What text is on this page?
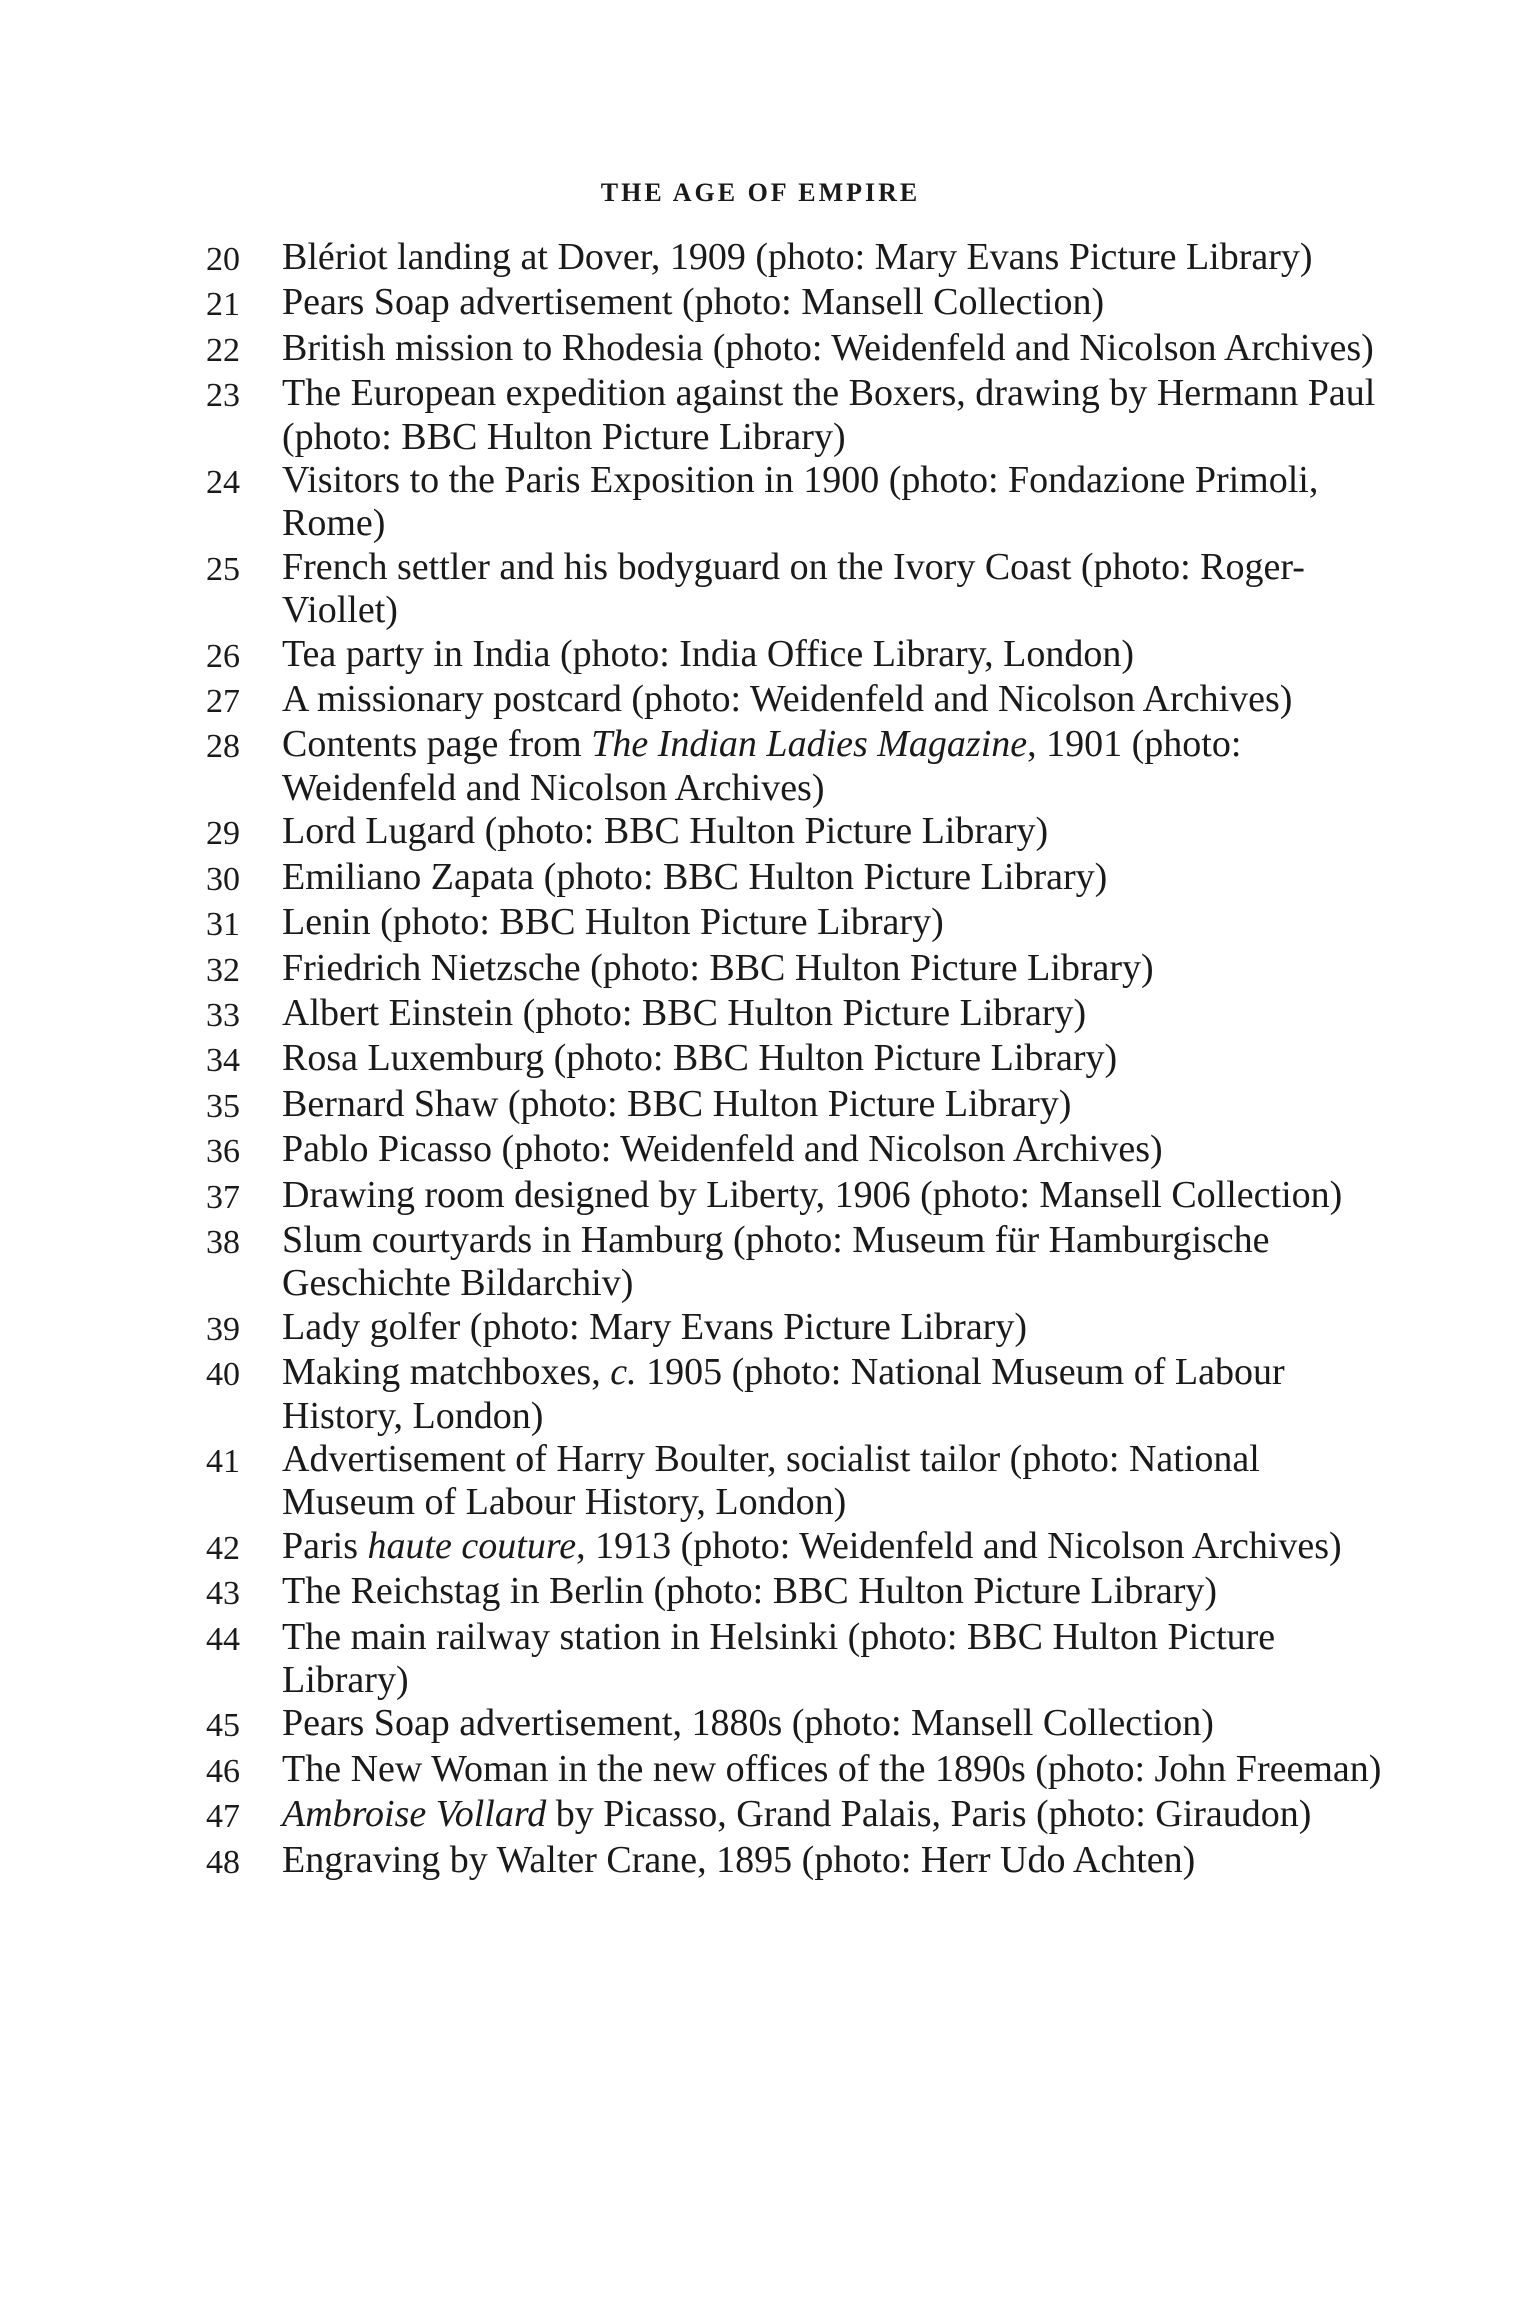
THE AGE OF EMPIRE
20	Blériot landing at Dover, 1909 (photo: Mary Evans Picture Library)
21	Pears Soap advertisement (photo: Mansell Collection)
22	British mission to Rhodesia (photo: Weidenfeld and Nicolson Archives)
23	The European expedition against the Boxers, drawing by Hermann Paul (photo: BBC Hulton Picture Library)
24	Visitors to the Paris Exposition in 1900 (photo: Fondazione Primoli, Rome)
25	French settler and his bodyguard on the Ivory Coast (photo: Roger-Viollet)
26	Tea party in India (photo: India Office Library, London)
27	A missionary postcard (photo: Weidenfeld and Nicolson Archives)
28	Contents page from The Indian Ladies Magazine, 1901 (photo: Weidenfeld and Nicolson Archives)
29	Lord Lugard (photo: BBC Hulton Picture Library)
30	Emiliano Zapata (photo: BBC Hulton Picture Library)
31	Lenin (photo: BBC Hulton Picture Library)
32	Friedrich Nietzsche (photo: BBC Hulton Picture Library)
33	Albert Einstein (photo: BBC Hulton Picture Library)
34	Rosa Luxemburg (photo: BBC Hulton Picture Library)
35	Bernard Shaw (photo: BBC Hulton Picture Library)
36	Pablo Picasso (photo: Weidenfeld and Nicolson Archives)
37	Drawing room designed by Liberty, 1906 (photo: Mansell Collection)
38	Slum courtyards in Hamburg (photo: Museum für Hamburgische Geschichte Bildarchiv)
39	Lady golfer (photo: Mary Evans Picture Library)
40	Making matchboxes, c. 1905 (photo: National Museum of Labour History, London)
41	Advertisement of Harry Boulter, socialist tailor (photo: National Museum of Labour History, London)
42	Paris haute couture, 1913 (photo: Weidenfeld and Nicolson Archives)
43	The Reichstag in Berlin (photo: BBC Hulton Picture Library)
44	The main railway station in Helsinki (photo: BBC Hulton Picture Library)
45	Pears Soap advertisement, 1880s (photo: Mansell Collection)
46	The New Woman in the new offices of the 1890s (photo: John Freeman)
47	Ambroise Vollard by Picasso, Grand Palais, Paris (photo: Giraudon)
48	Engraving by Walter Crane, 1895 (photo: Herr Udo Achten)
